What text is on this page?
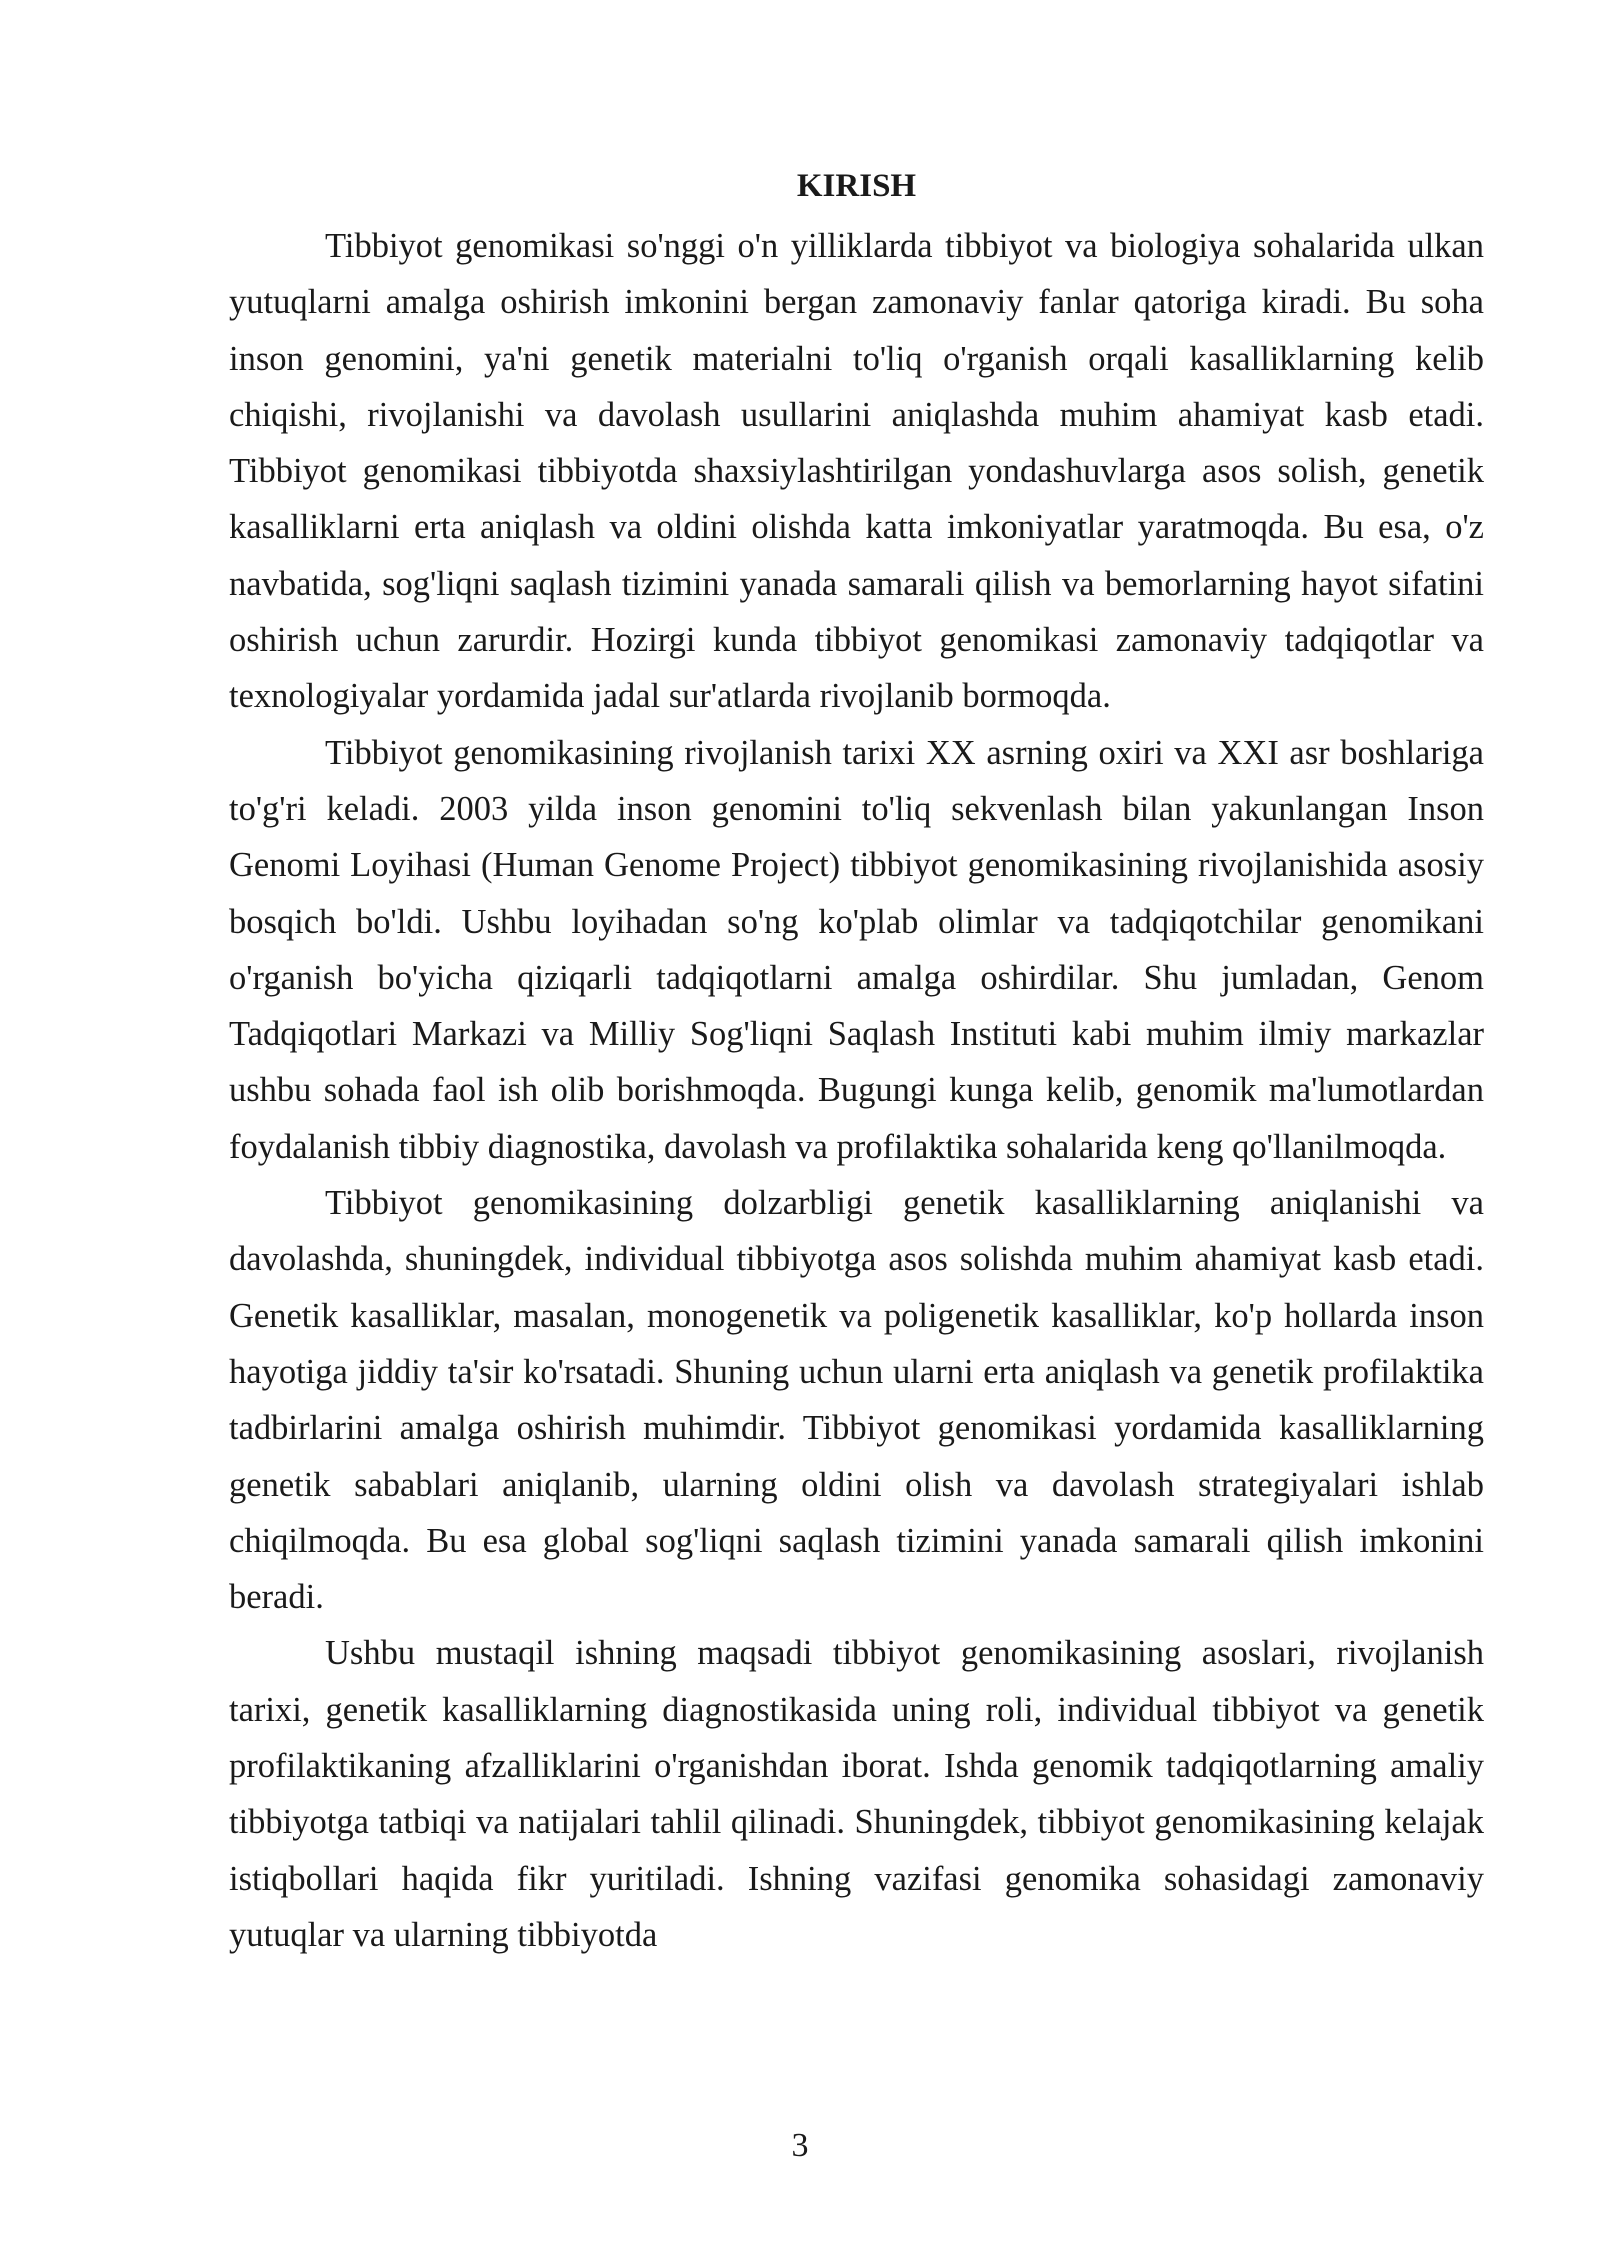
KIRISH

Tibbiyot genomikasi so'nggi o'n yilliklarda tibbiyot va biologiya sohalarida ulkan yutuqlarni amalga oshirish imkonini bergan zamonaviy fanlar qatoriga kiradi. Bu soha inson genomini, ya'ni genetik materialni to'liq o'rganish orqali kasalliklarning kelib chiqishi, rivojlanishi va davolash usullarini aniqlashda muhim ahamiyat kasb etadi. Tibbiyot genomikasi tibbiyotda shaxsiylashtirilgan yondashuvlarga asos solish, genetik kasalliklarni erta aniqlash va oldini olishda katta imkoniyatlar yaratmoqda. Bu esa, o'z navbatida, sog'liqni saqlash tizimini yanada samarali qilish va bemorlarning hayot sifatini oshirish uchun zarurdir. Hozirgi kunda tibbiyot genomikasi zamonaviy tadqiqotlar va texnologiyalar yordamida jadal sur'atlarda rivojlanib bormoqda.

Tibbiyot genomikasining rivojlanish tarixi XX asrning oxiri va XXI asr boshlariga to'g'ri keladi. 2003 yilda inson genomini to'liq sekvenlash bilan yakunlangan Inson Genomi Loyihasi (Human Genome Project) tibbiyot genomikasining rivojlanishida asosiy bosqich bo'ldi. Ushbu loyihadan so'ng ko'plab olimlar va tadqiqotchilar genomikani o'rganish bo'yicha qiziqarli tadqiqotlarni amalga oshirdilar. Shu jumladan, Genom Tadqiqotlari Markazi va Milliy Sog'liqni Saqlash Instituti kabi muhim ilmiy markazlar ushbu sohada faol ish olib borishmoqda. Bugungi kunga kelib, genomik ma'lumotlardan foydalanish tibbiy diagnostika, davolash va profilaktika sohalarida keng qo'llanilmoqda.

Tibbiyot genomikasining dolzarbligi genetik kasalliklarning aniqlanishi va davolashda, shuningdek, individual tibbiyotga asos solishda muhim ahamiyat kasb etadi. Genetik kasalliklar, masalan, monogenetik va poligenetik kasalliklar, ko'p hollarda inson hayotiga jiddiy ta'sir ko'rsatadi. Shuning uchun ularni erta aniqlash va genetik profilaktika tadbirlarini amalga oshirish muhimdir. Tibbiyot genomikasi yordamida kasalliklarning genetik sabablari aniqlanib, ularning oldini olish va davolash strategiyalari ishlab chiqilmoqda. Bu esa global sog'liqni saqlash tizimini yanada samarali qilish imkonini beradi.

Ushbu mustaqil ishning maqsadi tibbiyot genomikasining asoslari, rivojlanish tarixi, genetik kasalliklarning diagnostikasida uning roli, individual tibbiyot va genetik profilaktikaning afzalliklarini o'rganishdan iborat. Ishda genomik tadqiqotlarning amaliy tibbiyotga tatbiqi va natijalari tahlil qilinadi. Shuningdek, tibbiyot genomikasining kelajak istiqbollari haqida fikr yuritiladi. Ishning vazifasi genomika sohasidagi zamonaviy yutuqlar va ularning tibbiyotda

3
